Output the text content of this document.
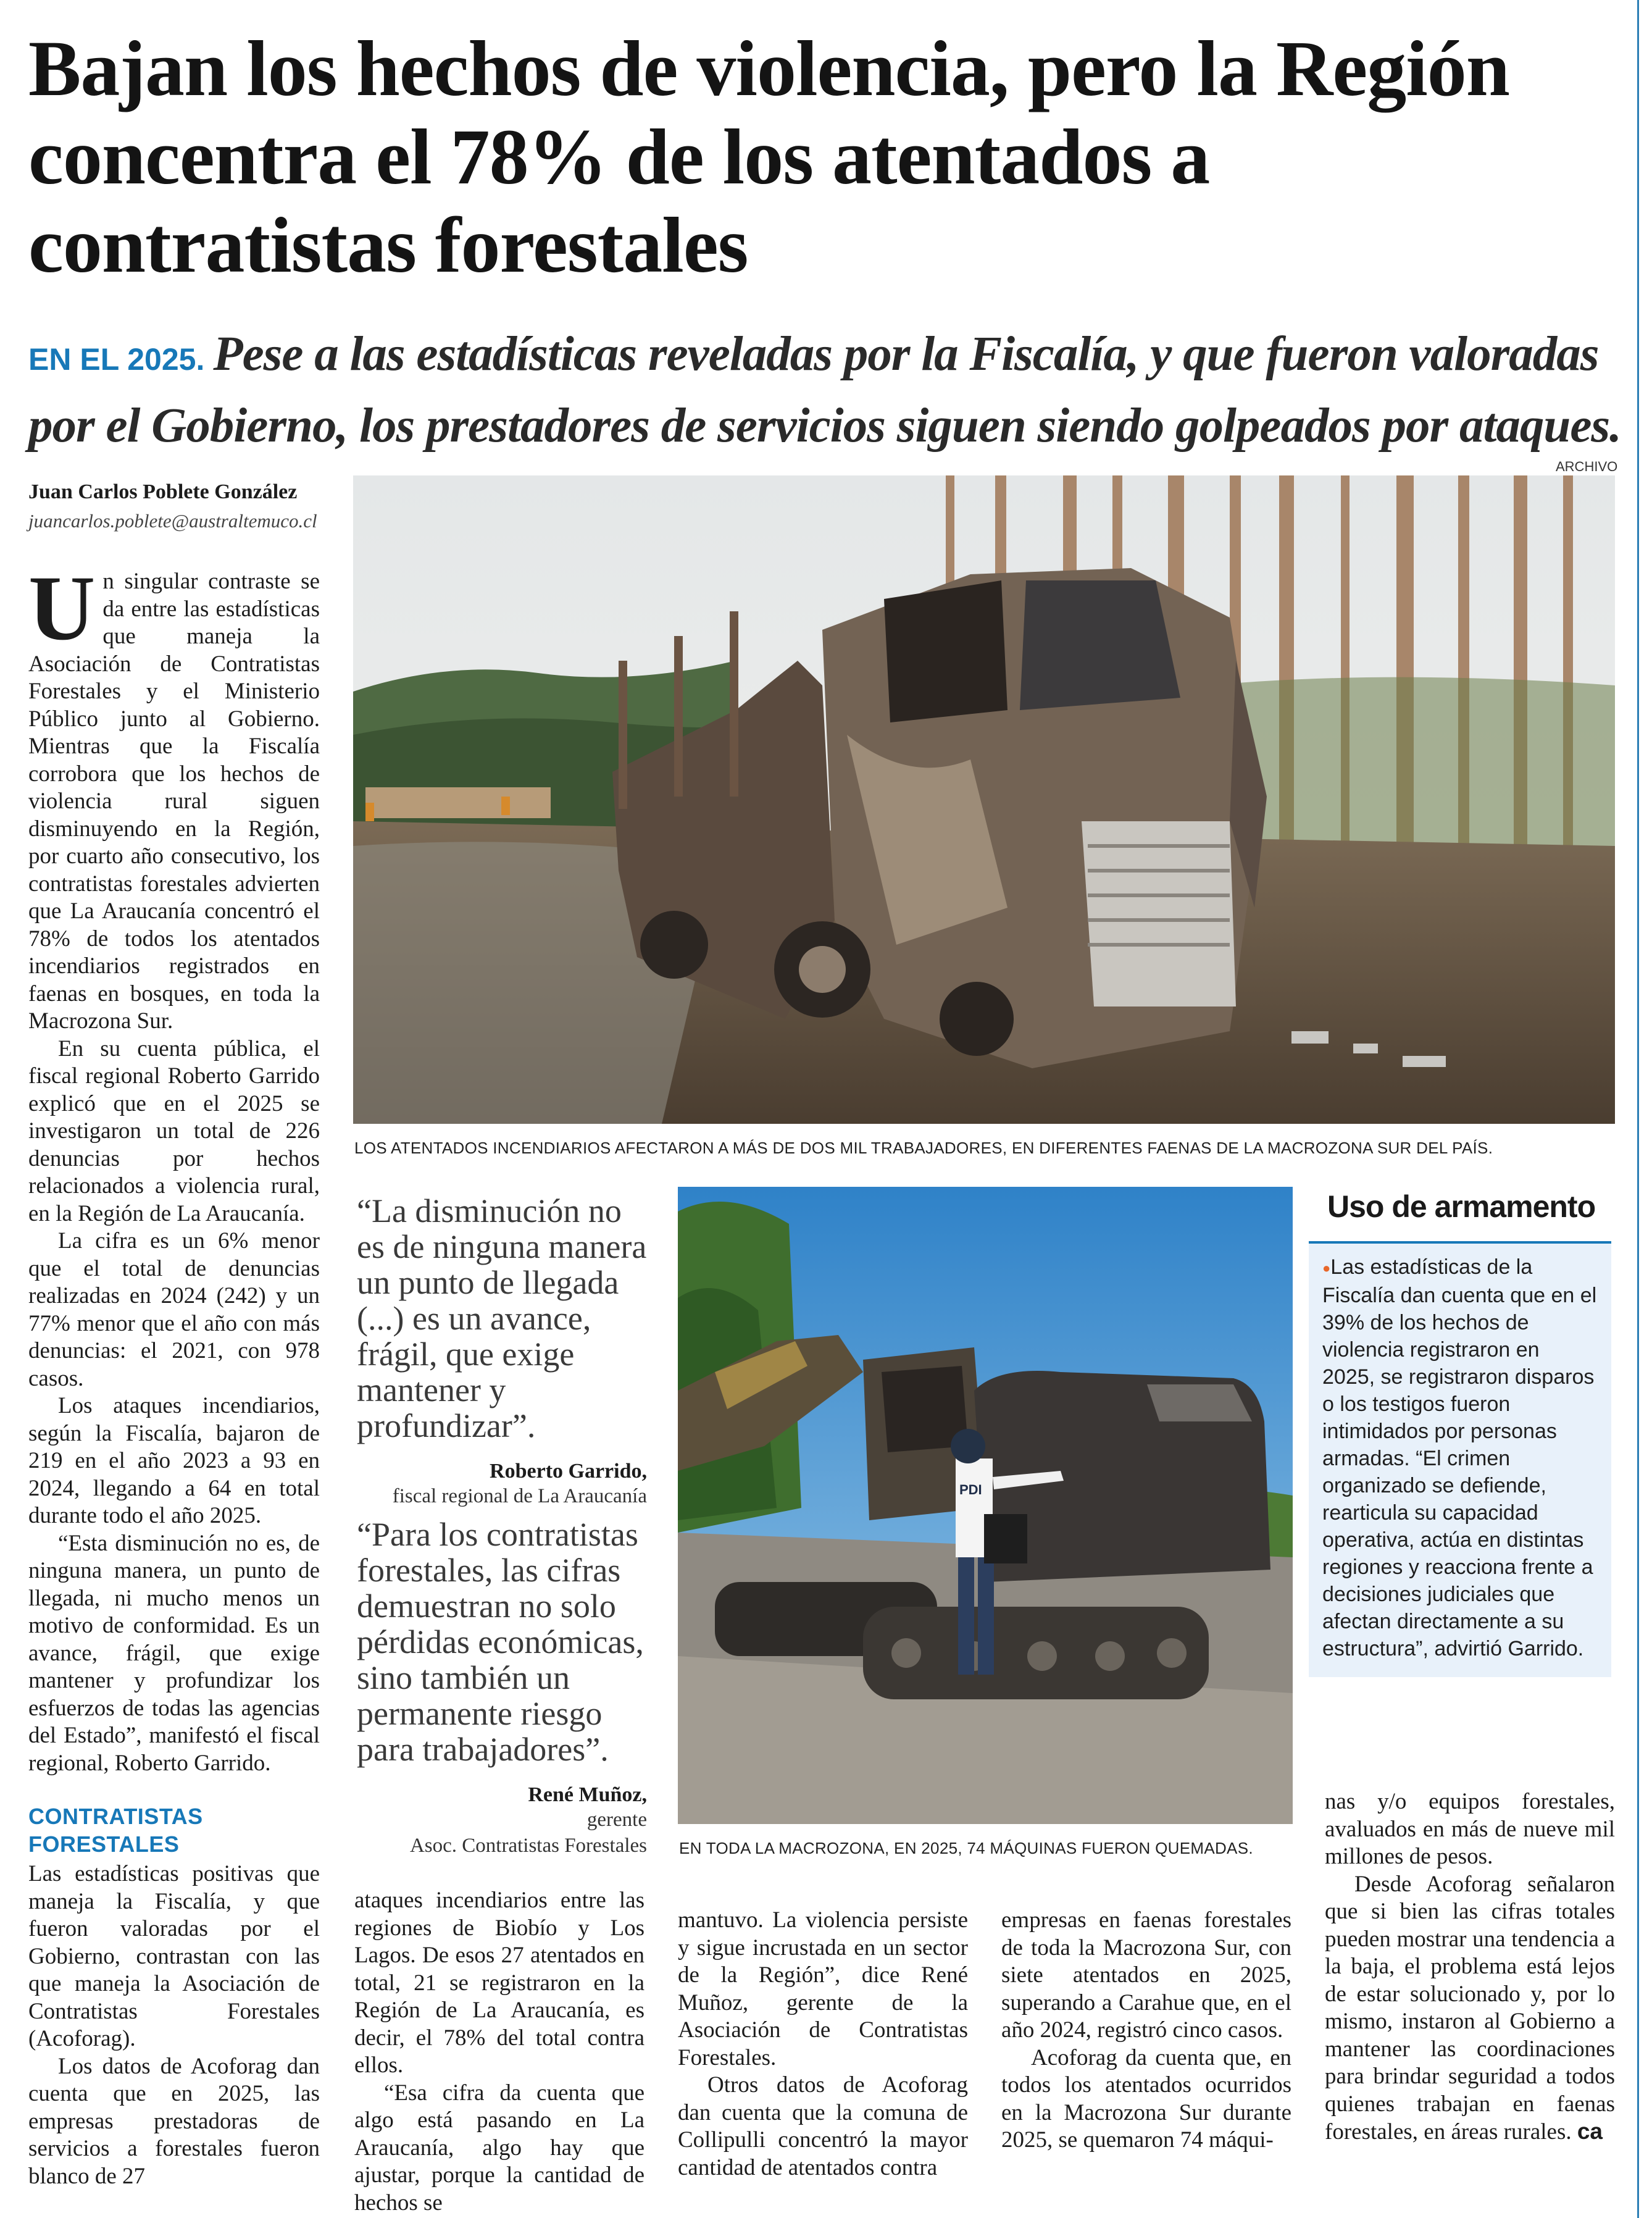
Bajan los hechos de violencia, pero la Región concentra el 78% de los atentados a contratistas forestales
EN EL 2025. Pese a las estadísticas reveladas por la Fiscalía, y que fueron valoradas por el Gobierno, los prestadores de servicios siguen siendo golpeados por ataques.
Juan Carlos Poblete González
juancarlos.poblete@australtemuco.cl

Un singular contraste se da entre las estadísticas que maneja la Asociación de Contratistas Forestales y el Ministerio Público junto al Gobierno. Mientras que la Fiscalía corrobora que los hechos de violencia rural siguen disminuyendo en la Región, por cuarto año consecutivo, los contratistas forestales advierten que La Araucanía concentró el 78% de todos los atentados incendiarios registrados en faenas en bosques, en toda la Macrozona Sur.

En su cuenta pública, el fiscal regional Roberto Garrido explicó que en el 2025 se investigaron un total de 226 denuncias por hechos relacionados a violencia rural, en la Región de La Araucanía.

La cifra es un 6% menor que el total de denuncias realizadas en 2024 (242) y un 77% menor que el año con más denuncias: el 2021, con 978 casos.

Los ataques incendiarios, según la Fiscalía, bajaron de 219 en el año 2023 a 93 en 2024, llegando a 64 en total durante todo el año 2025.

“Esta disminución no es, de ninguna manera, un punto de llegada, ni mucho menos un motivo de conformidad. Es un avance, frágil, que exige mantener y profundizar los esfuerzos de todas las agencias del Estado”, manifestó el fiscal regional, Roberto Garrido.

CONTRATISTAS FORESTALES

Las estadísticas positivas que maneja la Fiscalía, y que fueron valoradas por el Gobierno, contrastan con las que maneja la Asociación de Contratistas Forestales (Acoforag).

Los datos de Acoforag dan cuenta que en 2025, las empresas prestadoras de servicios a forestales fueron blanco de 27

ARCHIVO
LOS ATENTADOS INCENDIARIOS AFECTARON A MÁS DE DOS MIL TRABAJADORES, EN DIFERENTES FAENAS DE LA MACROZONA SUR DEL PAÍS.
“La disminución no es de ninguna manera un punto de llegada (...) es un avance, frágil, que exige mantener y profundizar”.
Roberto Garrido,
fiscal regional de La Araucanía
“Para los contratistas forestales, las cifras demuestran no solo pérdidas económicas, sino también un permanente riesgo para trabajadores”.
René Muñoz,
gerente
Asoc. Contratistas Forestales
PDI
EN TODA LA MACROZONA, EN 2025, 74 MÁQUINAS FUERON QUEMADAS.
Uso de armamento
●Las estadísticas de la Fiscalía dan cuenta que en el 39% de los hechos de violencia registraron en 2025, se registraron disparos o los testigos fueron intimidados por personas armadas. “El crimen organizado se defiende, rearticula su capacidad operativa, actúa en distintas regiones y reacciona frente a decisiones judiciales que afectan directamente a su estructura”, advirtió Garrido.

ataques incendiarios entre las regiones de Biobío y Los Lagos. De esos 27 atentados en total, 21 se registraron en la Región de La Araucanía, es decir, el 78% del total contra ellos.

“Esa cifra da cuenta que algo está pasando en La Araucanía, algo hay que ajustar, porque la cantidad de hechos se

mantuvo. La violencia persiste y sigue incrustada en un sector de la Región”, dice René Muñoz, gerente de la Asociación de Contratistas Forestales.

Otros datos de Acoforag dan cuenta que la comuna de Collipulli concentró la mayor cantidad de atentados contra

empresas en faenas forestales de toda la Macrozona Sur, con siete atentados en 2025, superando a Carahue que, en el año 2024, registró cinco casos.

Acoforag da cuenta que, en todos los atentados ocurridos en la Macrozona Sur durante 2025, se quemaron 74 máqui-

nas y/o equipos forestales, avaluados en más de nueve mil millones de pesos.

Desde Acoforag señalaron que si bien las cifras totales pueden mostrar una tendencia a la baja, el problema está lejos de estar solucionado y, por lo mismo, instaron al Gobierno a mantener las coordinaciones para brindar seguridad a todos quienes trabajan en faenas forestales, en áreas rurales. ca
